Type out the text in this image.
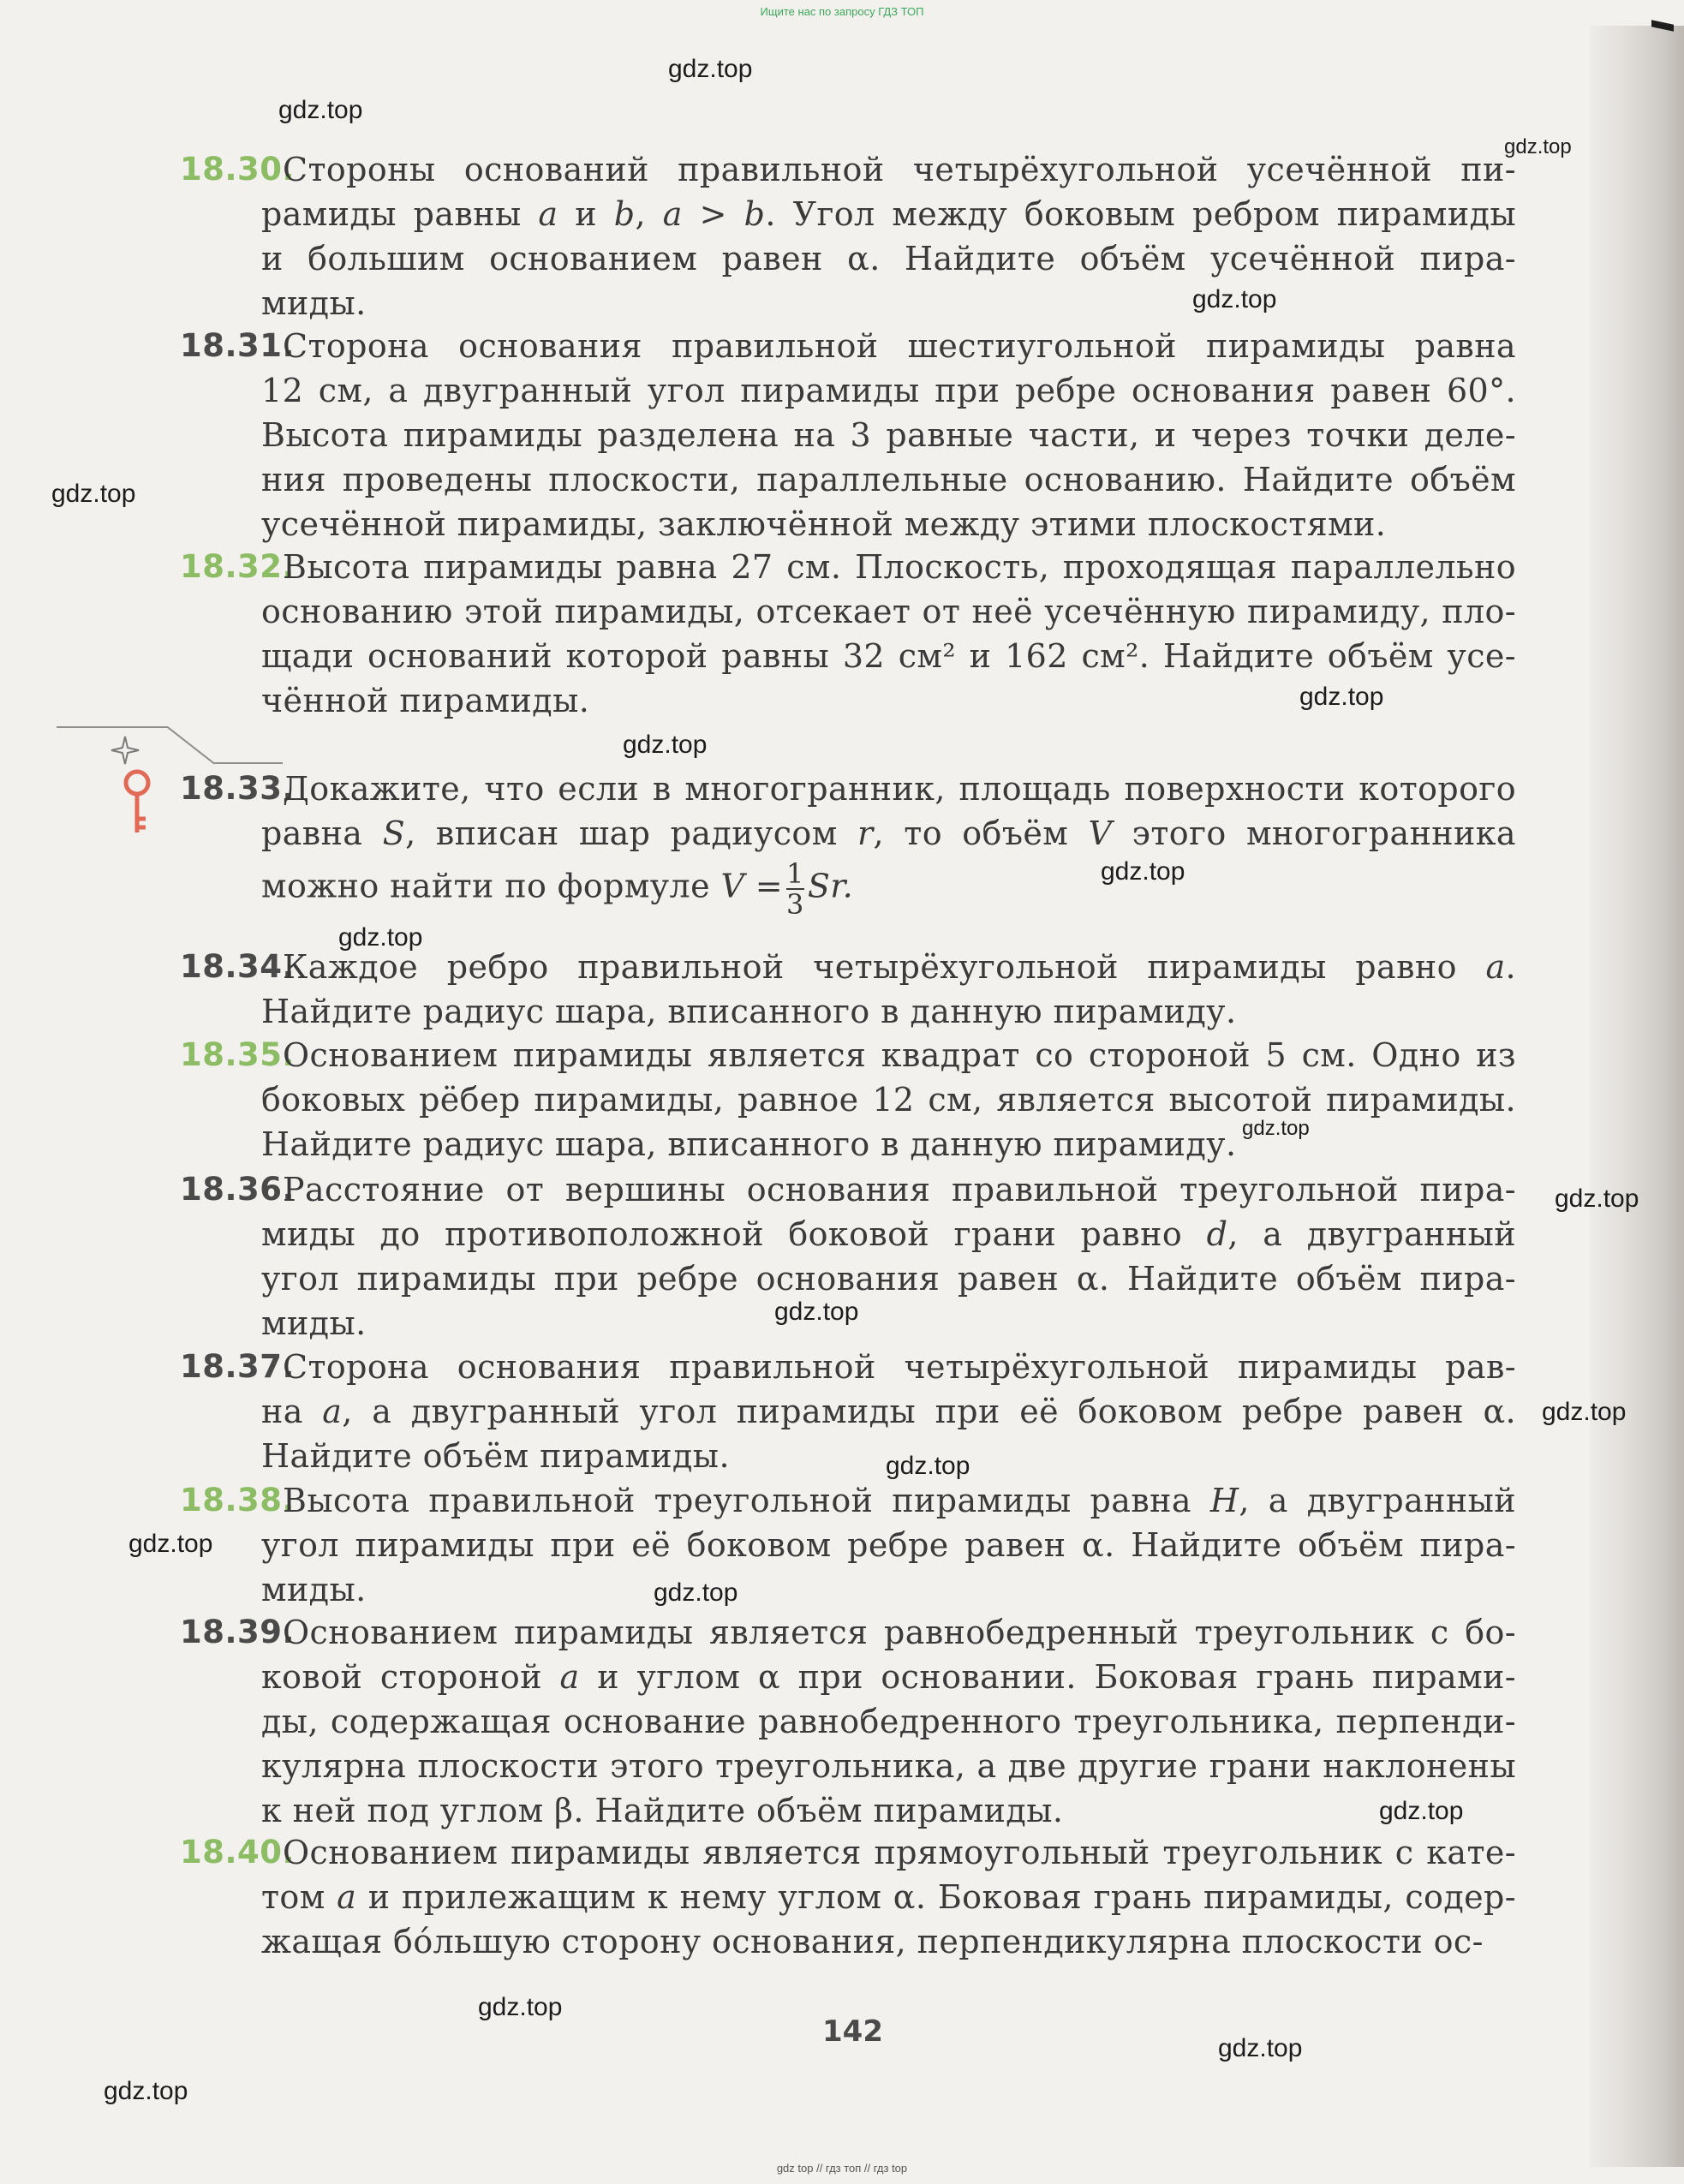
Ищите нас по запросу ГДЗ ТОП
gdz.top
gdz.top
gdz.top
gdz.top
gdz.top
gdz.top
gdz.top
gdz.top
gdz.top
gdz.top
gdz.top
gdz.top
gdz.top
gdz.top
gdz.top
gdz.top
gdz.top
gdz.top
gdz.top
gdz.top
18.30.
Стороны оснований правильной четырёхугольной усечённой пи-
рамиды равны a и b, a > b. Угол между боковым ребром пирамиды
и большим основанием равен α. Найдите объём усечённой пира-
миды.
18.31.
Сторона основания правильной шестиугольной пирамиды равна
12 см, а двугранный угол пирамиды при ребре основания равен 60°.
Высота пирамиды разделена на 3 равные части, и через точки деле-
ния проведены плоскости, параллельные основанию. Найдите объём
усечённой пирамиды, заключённой между этими плоскостями.
18.32.
Высота пирамиды равна 27 см. Плоскость, проходящая параллельно
основанию этой пирамиды, отсекает от неё усечённую пирамиду, пло-
щади оснований которой равны 32 см² и 162 см². Найдите объём усе-
чённой пирамиды.
18.33.
Докажите, что если в многогранник, площадь поверхности которого
равна S, вписан шар радиусом r, то объём V этого многогранника
можно найти по формуле $V = \frac{1}{3} Sr$.
18.34.
Каждое ребро правильной четырёхугольной пирамиды равно a.
Найдите радиус шара, вписанного в данную пирамиду.
18.35.
Основанием пирамиды является квадрат со стороной 5 см. Одно из
боковых рёбер пирамиды, равное 12 см, является высотой пирамиды.
Найдите радиус шара, вписанного в данную пирамиду.
18.36.
Расстояние от вершины основания правильной треугольной пира-
миды до противоположной боковой грани равно d, а двугранный
угол пирамиды при ребре основания равен α. Найдите объём пира-
миды.
18.37.
Сторона основания правильной четырёхугольной пирамиды рав-
на a, а двугранный угол пирамиды при её боковом ребре равен α.
Найдите объём пирамиды.
18.38.
Высота правильной треугольной пирамиды равна H, а двугранный
угол пирамиды при её боковом ребре равен α. Найдите объём пира-
миды.
18.39.
Основанием пирамиды является равнобедренный треугольник с бо-
ковой стороной a и углом α при основании. Боковая грань пирами-
ды, содержащая основание равнобедренного треугольника, перпенди-
кулярна плоскости этого треугольника, а две другие грани наклонены
к ней под углом β. Найдите объём пирамиды.
18.40.
Основанием пирамиды является прямоугольный треугольник с кате-
том a и прилежащим к нему углом α. Боковая грань пирамиды, содер-
жащая бóльшую сторону основания, перпендикулярна плоскости ос-
142
gdz top // гдз топ // гдз top
